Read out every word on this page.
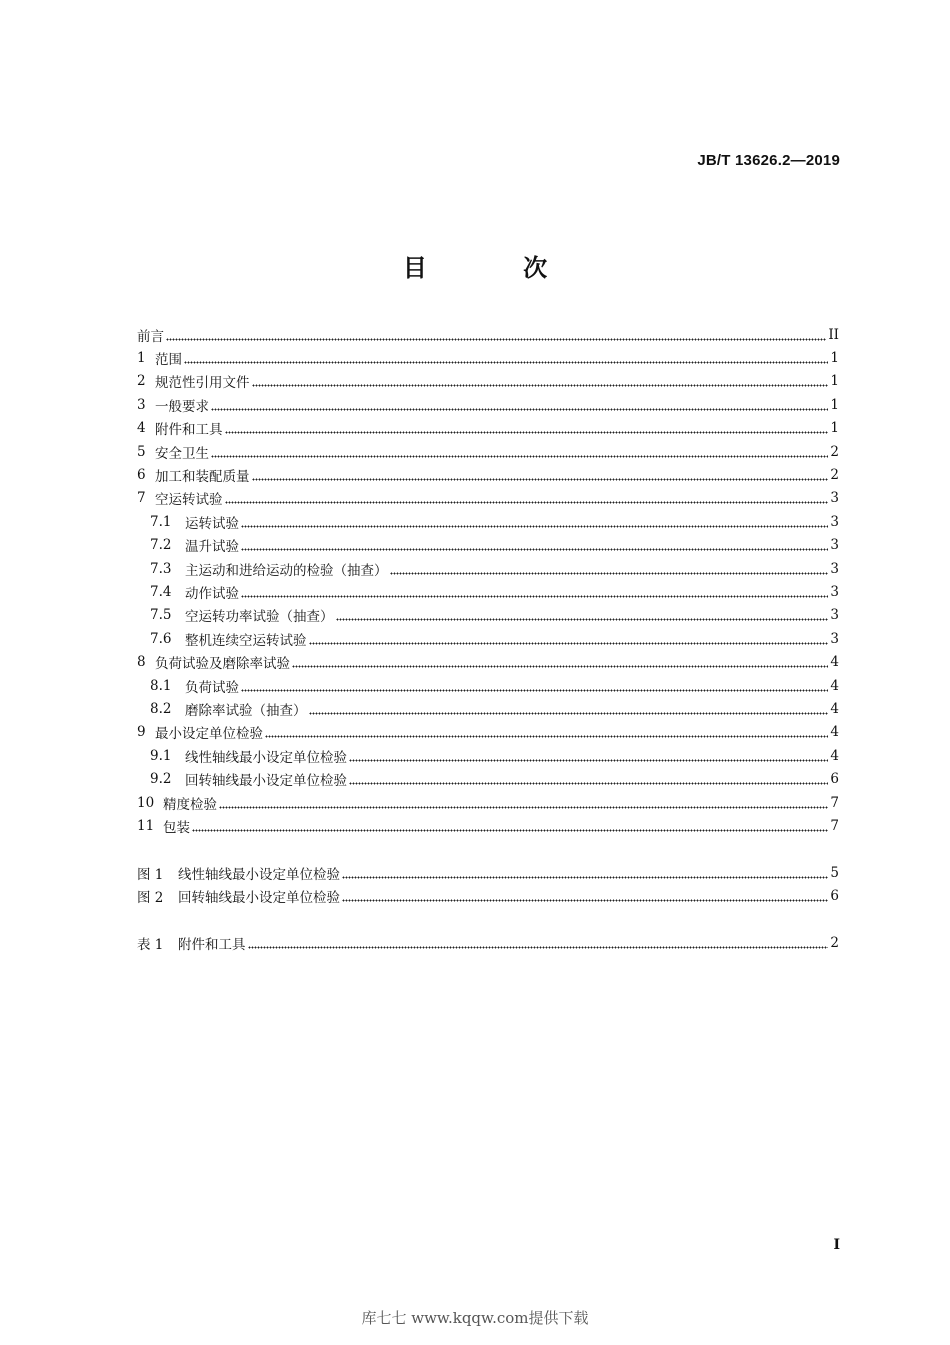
JB/T 13626.2—2019
目 次
前言	II
1 范围	1
2 规范性引用文件	1
3 一般要求	1
4 附件和工具	1
5 安全卫生	2
6 加工和装配质量	2
7 空运转试验	3
7.1	运转试验	3
7.2	温升试验	3
7.3	主运动和进给运动的检验（抽查）	3
7.4	动作试验	3
7.5	空运转功率试验（抽查）	3
7.6	整机连续空运转试验	3
8 负荷试验及磨除率试验	4
8.1	负荷试验	4
8.2	磨除率试验（抽查）	4
9 最小设定单位检验	4
9.1	线性轴线最小设定单位检验	4
9.2	回转轴线最小设定单位检验	6
10 精度检验	7
11 包装	7
图 1	线性轴线最小设定单位检验	5
图 2	回转轴线最小设定单位检验	6
表 1	附件和工具	2
I
库七七 www.kqqw.com提供下载
